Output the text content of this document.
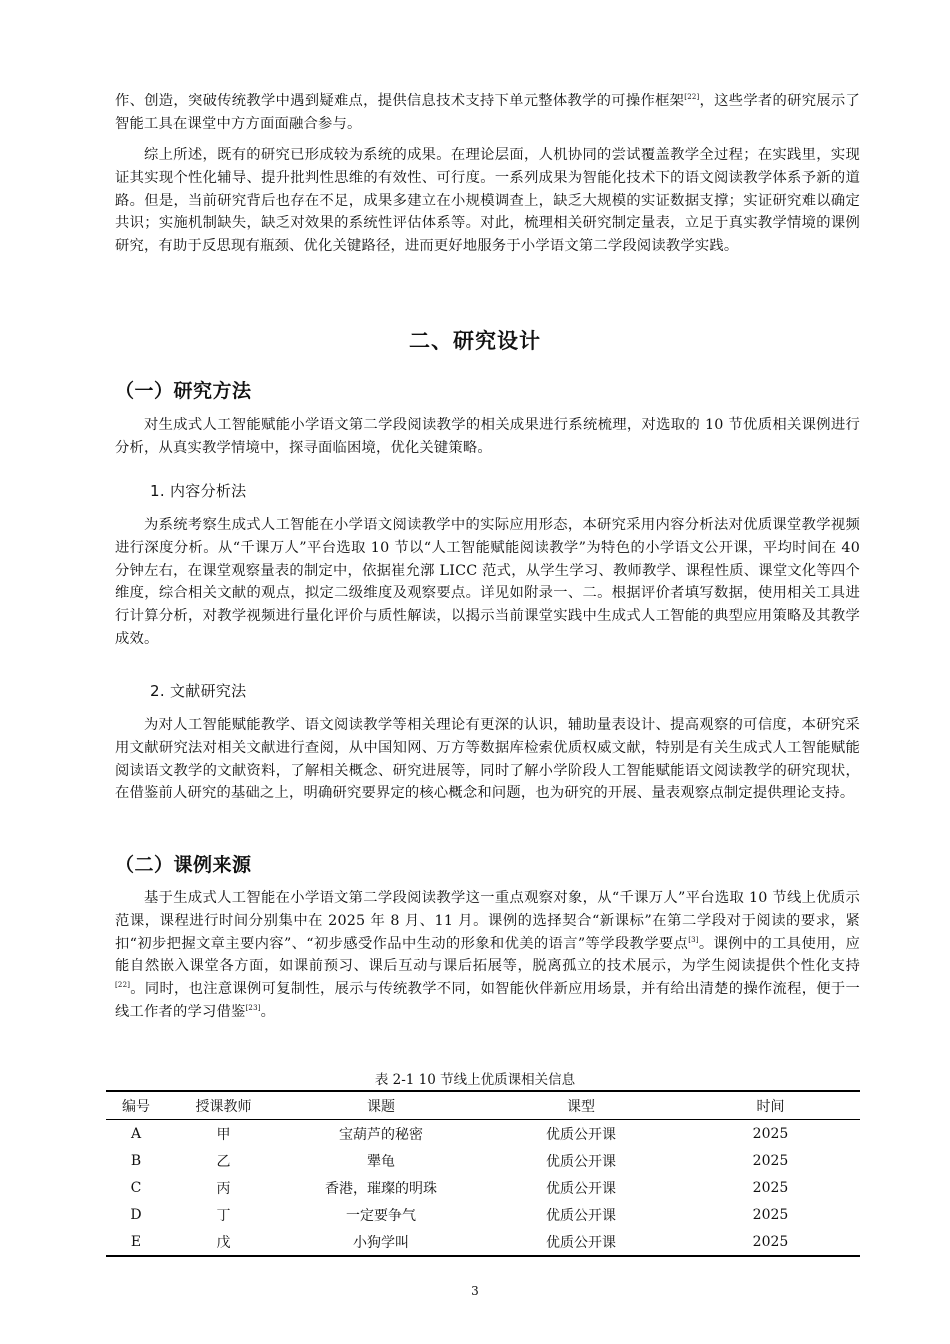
作、创造，突破传统教学中遇到疑难点，提供信息技术支持下单元整体教学的可操作框架[22]，这些学者的研究展示了智能工具在课堂中方方面面融合参与。

综上所述，既有的研究已形成较为系统的成果。在理论层面，人机协同的尝试覆盖教学全过程；在实践里，实现证其实现个性化辅导、提升批判性思维的有效性、可行度。一系列成果为智能化技术下的语文阅读教学体系予新的道路。但是，当前研究背后也存在不足，成果多建立在小规模调查上，缺乏大规模的实证数据支撑；实证研究难以确定共识；实施机制缺失，缺乏对效果的系统性评估体系等。对此，梳理相关研究制定量表，立足于真实教学情境的课例研究，有助于反思现有瓶颈、优化关键路径，进而更好地服务于小学语文第二学段阅读教学实践。

二、研究设计
（一）研究方法

对生成式人工智能赋能小学语文第二学段阅读教学的相关成果进行系统梳理，对选取的 10 节优质相关课例进行分析，从真实教学情境中，探寻面临困境，优化关键策略。

1. 内容分析法

为系统考察生成式人工智能在小学语文阅读教学中的实际应用形态，本研究采用内容分析法对优质课堂教学视频进行深度分析。从“千课万人”平台选取 10 节以“人工智能赋能阅读教学”为特色的小学语文公开课，平均时间在 40 分钟左右，在课堂观察量表的制定中，依据崔允漷 LICC 范式，从学生学习、教师教学、课程性质、课堂文化等四个维度，综合相关文献的观点，拟定二级维度及观察要点。详见如附录一、二。根据评价者填写数据，使用相关工具进行计算分析，对教学视频进行量化评价与质性解读，以揭示当前课堂实践中生成式人工智能的典型应用策略及其教学成效。

2. 文献研究法

为对人工智能赋能教学、语文阅读教学等相关理论有更深的认识，辅助量表设计、提高观察的可信度，本研究采用文献研究法对相关文献进行查阅，从中国知网、万方等数据库检索优质权威文献，特别是有关生成式人工智能赋能阅读语文教学的文献资料，了解相关概念、研究进展等，同时了解小学阶段人工智能赋能语文阅读教学的研究现状，在借鉴前人研究的基础之上，明确研究要界定的核心概念和问题，也为研究的开展、量表观察点制定提供理论支持。

（二）课例来源

基于生成式人工智能在小学语文第二学段阅读教学这一重点观察对象，从“千课万人”平台选取 10 节线上优质示范课，课程进行时间分别集中在 2025 年 8 月、11 月。课例的选择契合“新课标”在第二学段对于阅读的要求，紧扣“初步把握文章主要内容”、“初步感受作品中生动的形象和优美的语言”等学段教学要点[3]。课例中的工具使用，应能自然嵌入课堂各方面，如课前预习、课后互动与课后拓展等，脱离孤立的技术展示，为学生阅读提供个性化支持[22]。同时，也注意课例可复制性，展示与传统教学不同，如智能伙伴新应用场景，并有给出清楚的操作流程，便于一线工作者的学习借鉴[23]。

表 2-1 10 节线上优质课相关信息
编号	授课教师	课题	课型	时间
A	甲	宝葫芦的秘密	优质公开课	2025
B	乙	犟龟	优质公开课	2025
C	丙	香港，璀璨的明珠	优质公开课	2025
D	丁	一定要争气	优质公开课	2025
E	戊	小狗学叫	优质公开课	2025
3
